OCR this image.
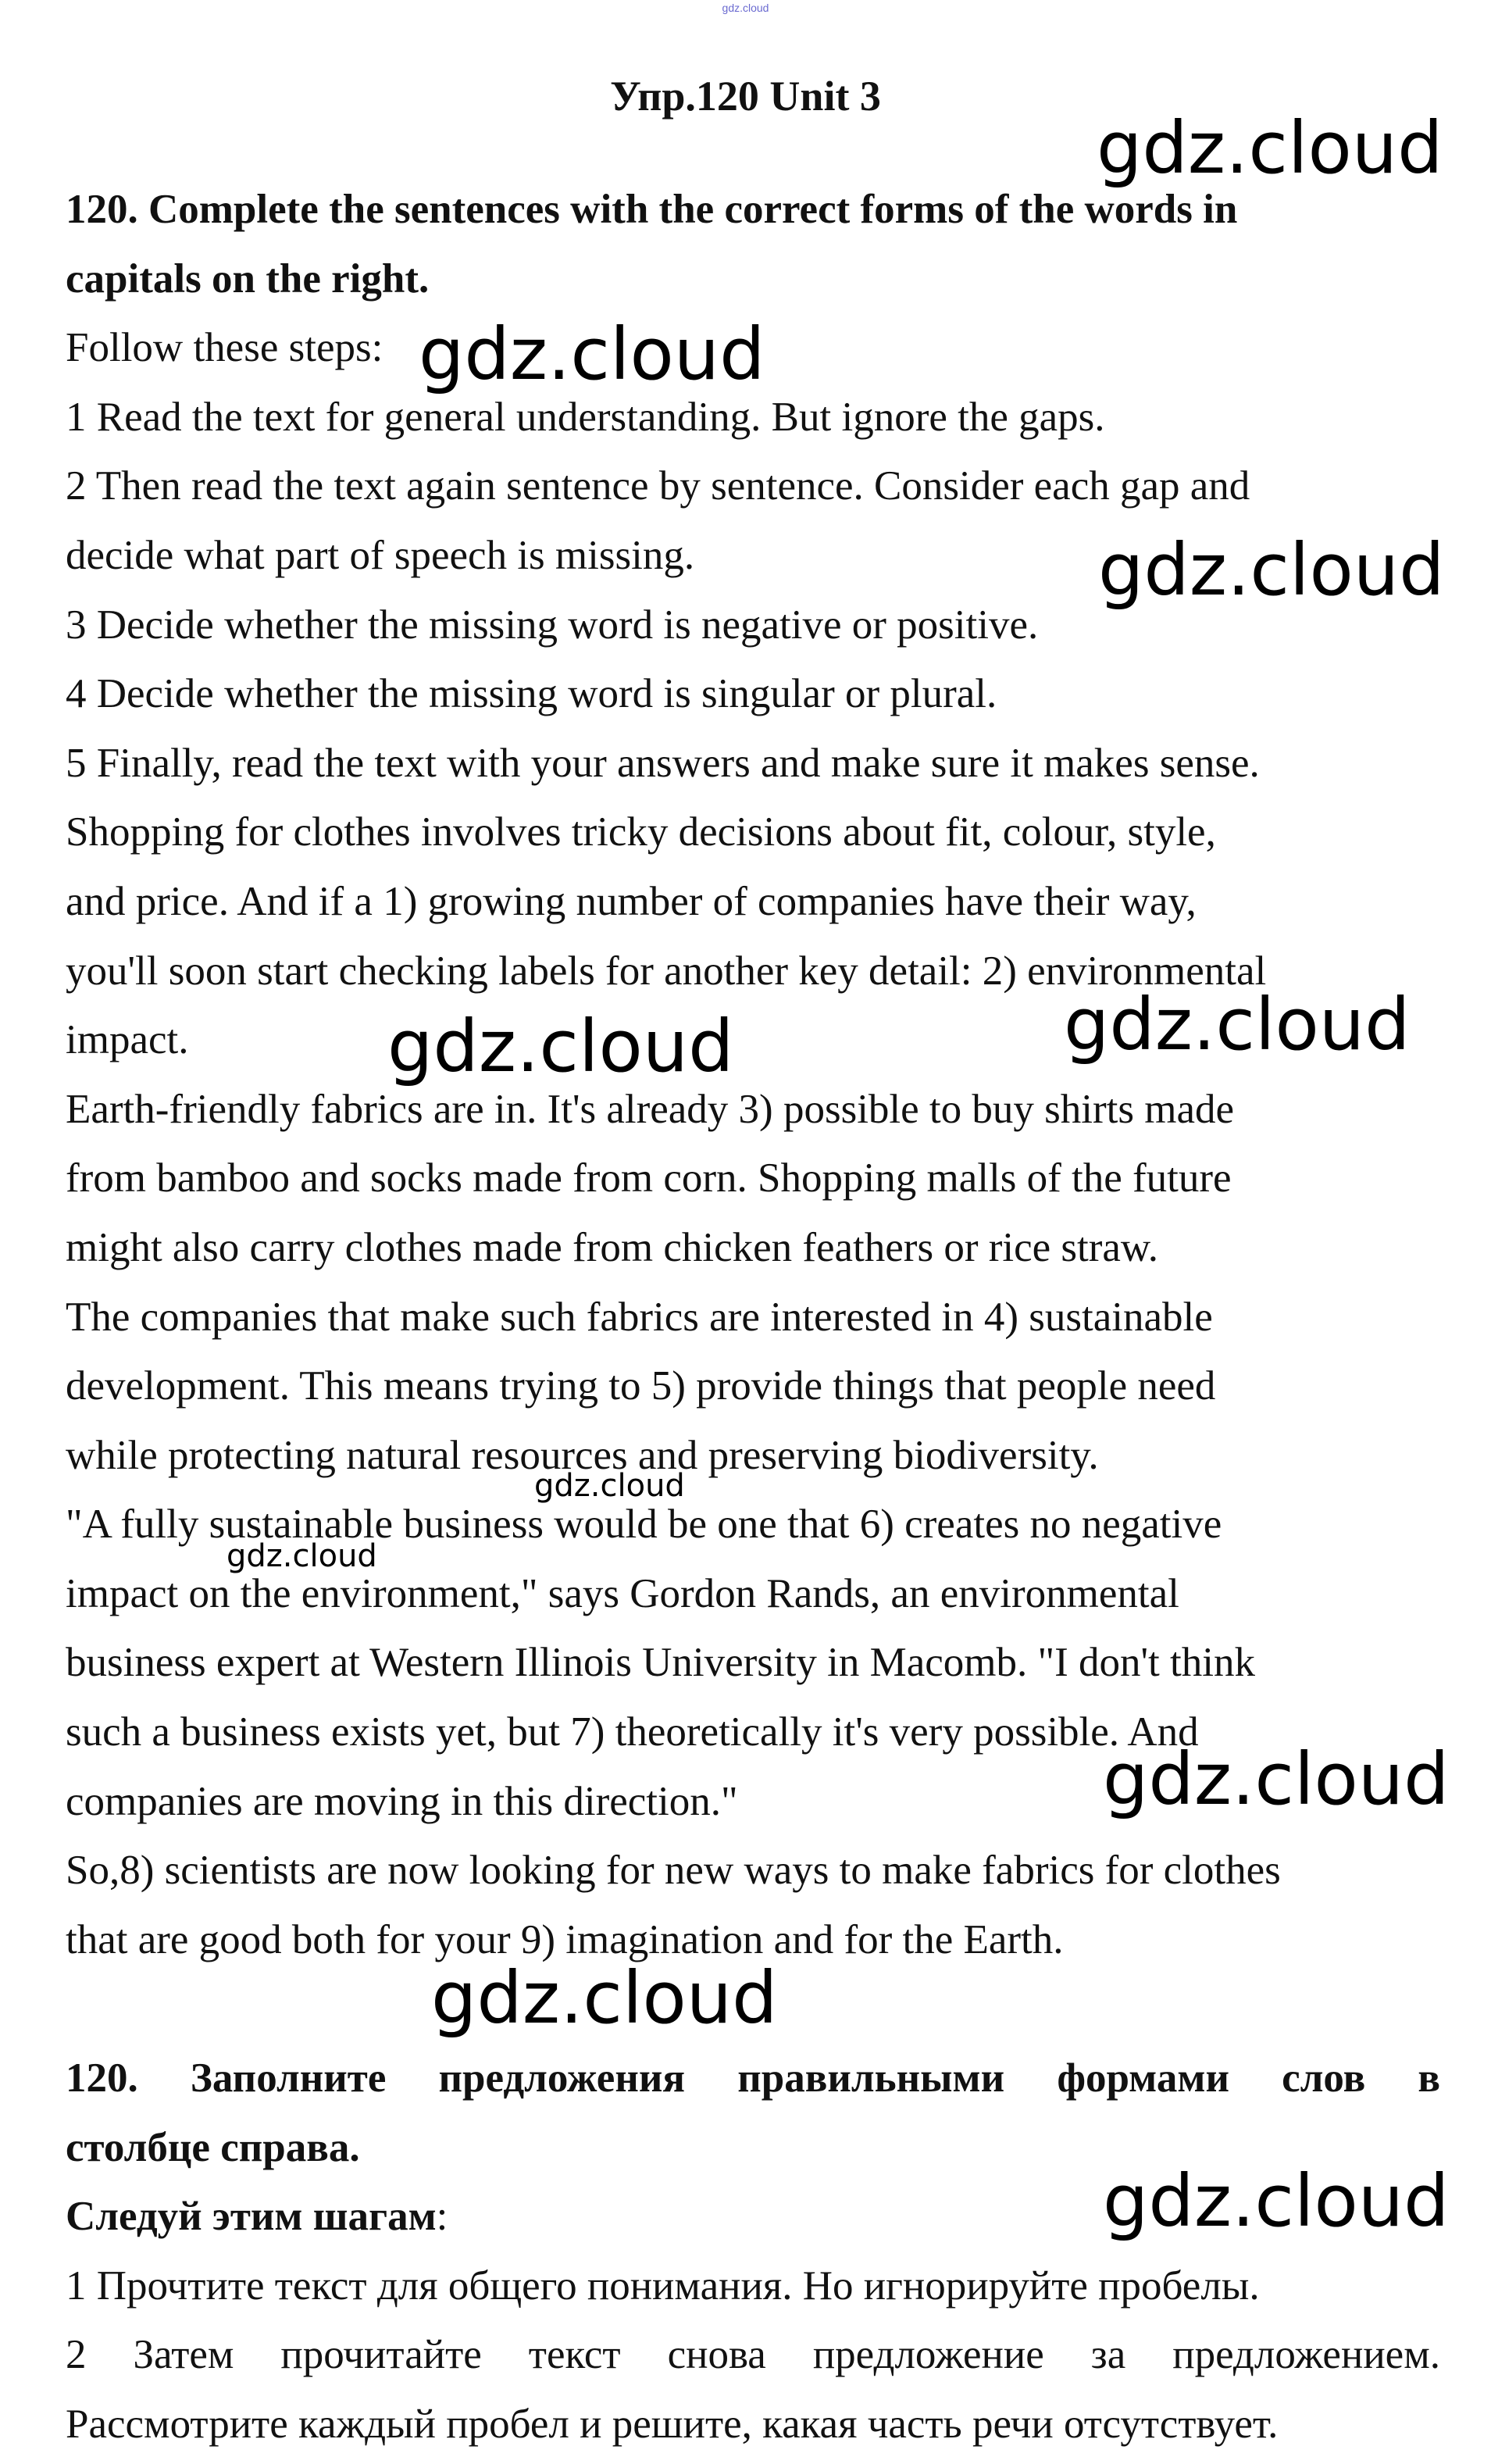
gdz.cloud
Упр.120 Unit 3
120. Complete the sentences with the correct forms of the words in
capitals on the right.
Follow these steps:
1 Read the text for general understanding. But ignore the gaps.
2 Then read the text again sentence by sentence. Consider each gap and
decide what part of speech is missing.
3 Decide whether the missing word is negative or positive.
4 Decide whether the missing word is singular or plural.
5 Finally, read the text with your answers and make sure it makes sense.
Shopping for clothes involves tricky decisions about fit, colour, style,
and price. And if a 1) growing number of companies have their way,
you'll soon start checking labels for another key detail: 2) environmental
impact.
Earth-friendly fabrics are in. It's already 3) possible to buy shirts made
from bamboo and socks made from corn. Shopping malls of the future
might also carry clothes made from chicken feathers or rice straw.
The companies that make such fabrics are interested in 4) sustainable
development. This means trying to 5) provide things that people need
while protecting natural resources and preserving biodiversity.
"A fully sustainable business would be one that 6) creates no negative
impact on the environment," says Gordon Rands, an environmental
business expert at Western Illinois University in Macomb. "I don't think
such a business exists yet, but 7) theoretically it's very possible. And
companies are moving in this direction."
So,8) scientists are now looking for new ways to make fabrics for clothes
that are good both for your 9) imagination and for the Earth.
120. Заполните предложения правильными формами слов в
столбце справа.
Следуй этим шагам:
1 Прочтите текст для общего понимания. Но игнорируйте пробелы.
2 Затем прочитайте текст снова предложение за предложением.
Рассмотрите каждый пробел и решите, какая часть речи отсутствует.
gdz.cloud
gdz.cloud
gdz.cloud
gdz.cloud
gdz.cloud
gdz.cloud
gdz.cloud
gdz.cloud
gdz.cloud
gdz.cloud
